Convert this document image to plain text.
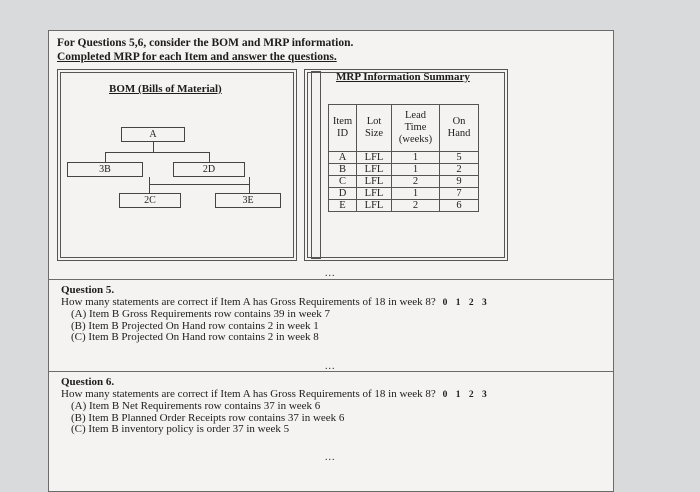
For Questions 5,6, consider the BOM and MRP information.
Completed MRP for each Item and answer the questions.
BOM (Bills of Material)
A
3B	2D
2C	3E
MRP Information Summary
Item ID	Lot Size	Lead Time (weeks)	On Hand
A	LFL	1	5
B	LFL	1	2
C	LFL	2	9
D	LFL	1	7
E	LFL	2	6
...
Question 5.
How many statements are correct if Item A has Gross Requirements of 18 in week 8? 0 1 2 3
(A) Item B Gross Requirements row contains 39 in week 7
(B) Item B Projected On Hand row contains 2 in week 1
(C) Item B Projected On Hand row contains 2 in week 8
...
Question 6.
How many statements are correct if Item A has Gross Requirements of 18 in week 8? 0 1 2 3
(A) Item B Net Requirements row contains 37 in week 6
(B) Item B Planned Order Receipts row contains 37 in week 6
(C) Item B inventory policy is order 37 in week 5
...
